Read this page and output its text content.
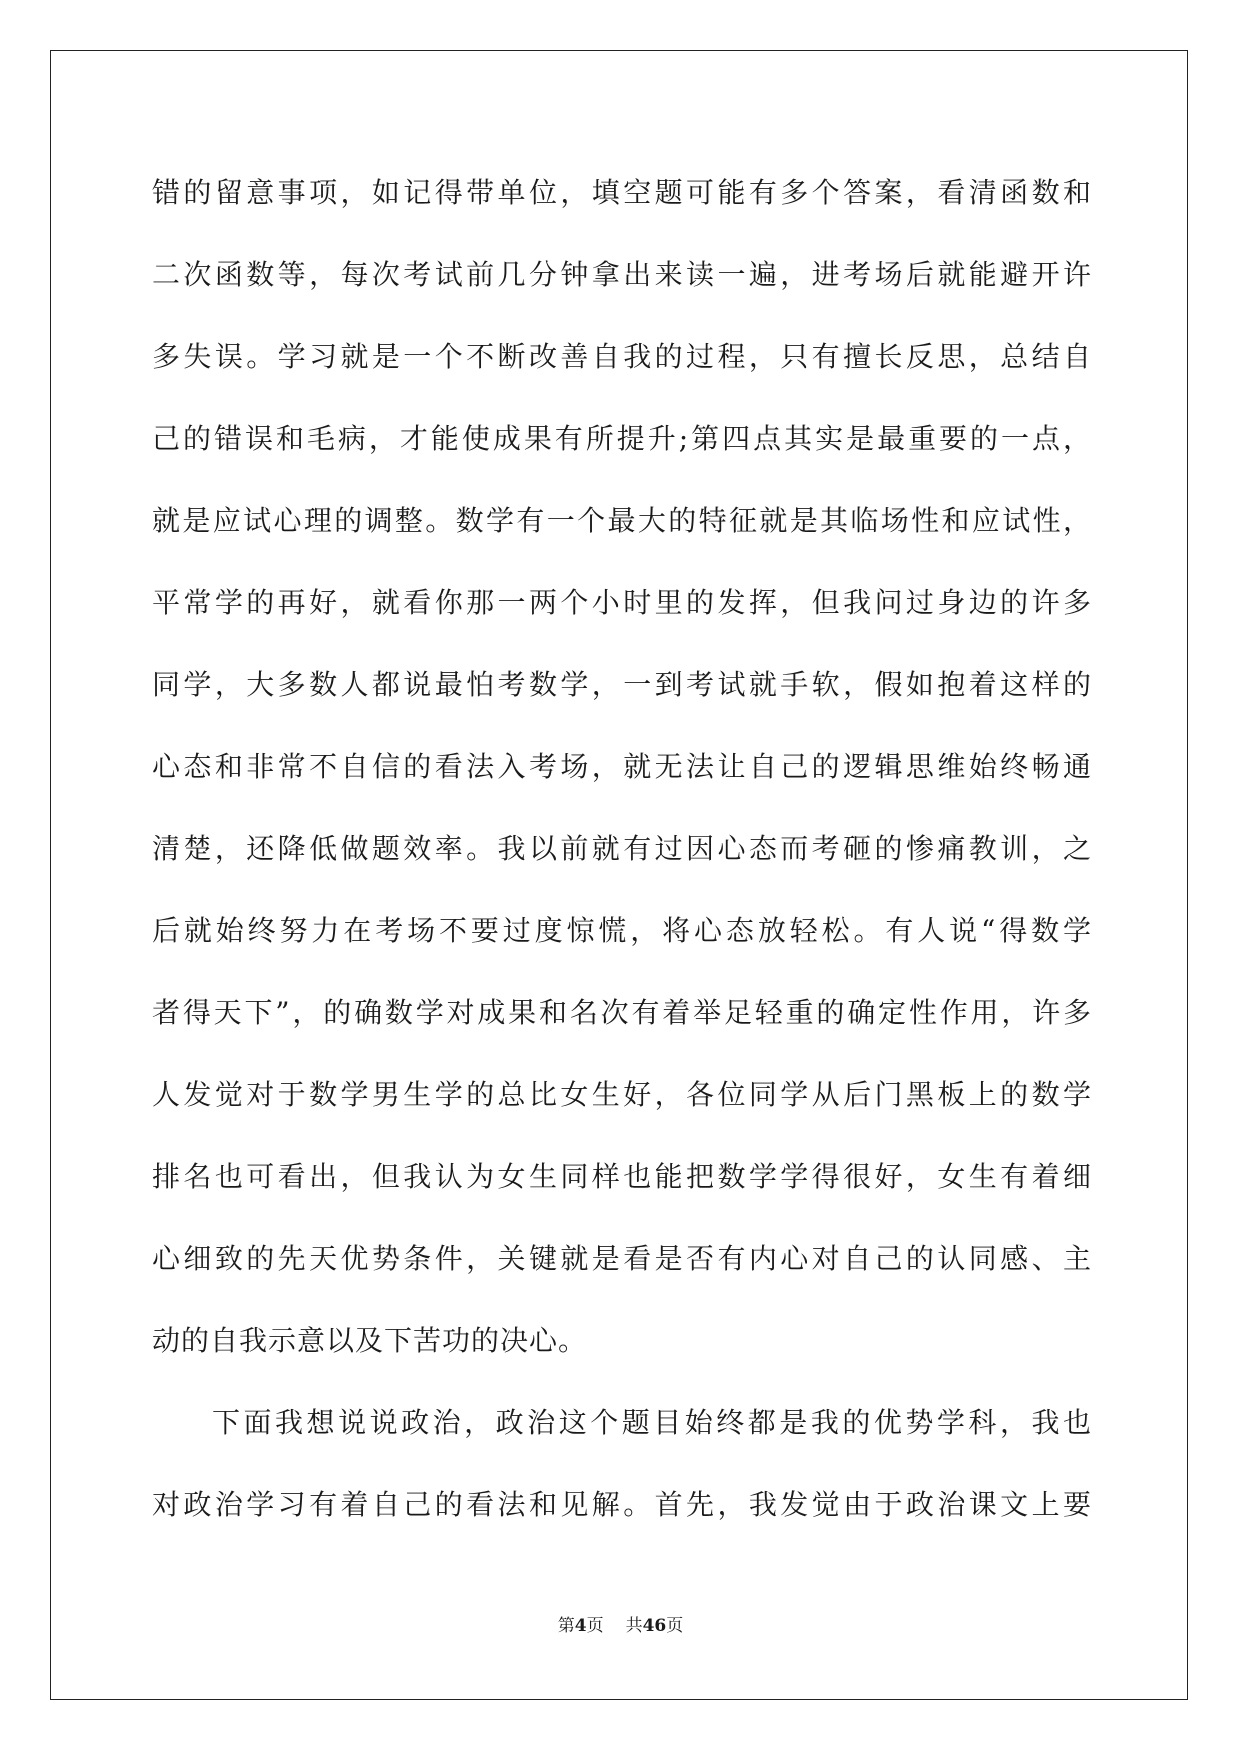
错的留意事项，如记得带单位，填空题可能有多个答案，看清函数和
二次函数等，每次考试前几分钟拿出来读一遍，进考场后就能避开许
多失误。学习就是一个不断改善自我的过程，只有擅长反思，总结自
己的错误和毛病，才能使成果有所提升;第四点其实是最重要的一点，
就是应试心理的调整。数学有一个最大的特征就是其临场性和应试性，
平常学的再好，就看你那一两个小时里的发挥，但我问过身边的许多
同学，大多数人都说最怕考数学，一到考试就手软，假如抱着这样的
心态和非常不自信的看法入考场，就无法让自己的逻辑思维始终畅通
清楚，还降低做题效率。我以前就有过因心态而考砸的惨痛教训，之
后就始终努力在考场不要过度惊慌，将心态放轻松。有人说“得数学
者得天下”，的确数学对成果和名次有着举足轻重的确定性作用，许多
人发觉对于数学男生学的总比女生好，各位同学从后门黑板上的数学
排名也可看出，但我认为女生同样也能把数学学得很好，女生有着细
心细致的先天优势条件，关键就是看是否有内心对自己的认同感、主
动的自我示意以及下苦功的决心。
下面我想说说政治，政治这个题目始终都是我的优势学科，我也
对政治学习有着自己的看法和见解。首先，我发觉由于政治课文上要
第4页 共46页
